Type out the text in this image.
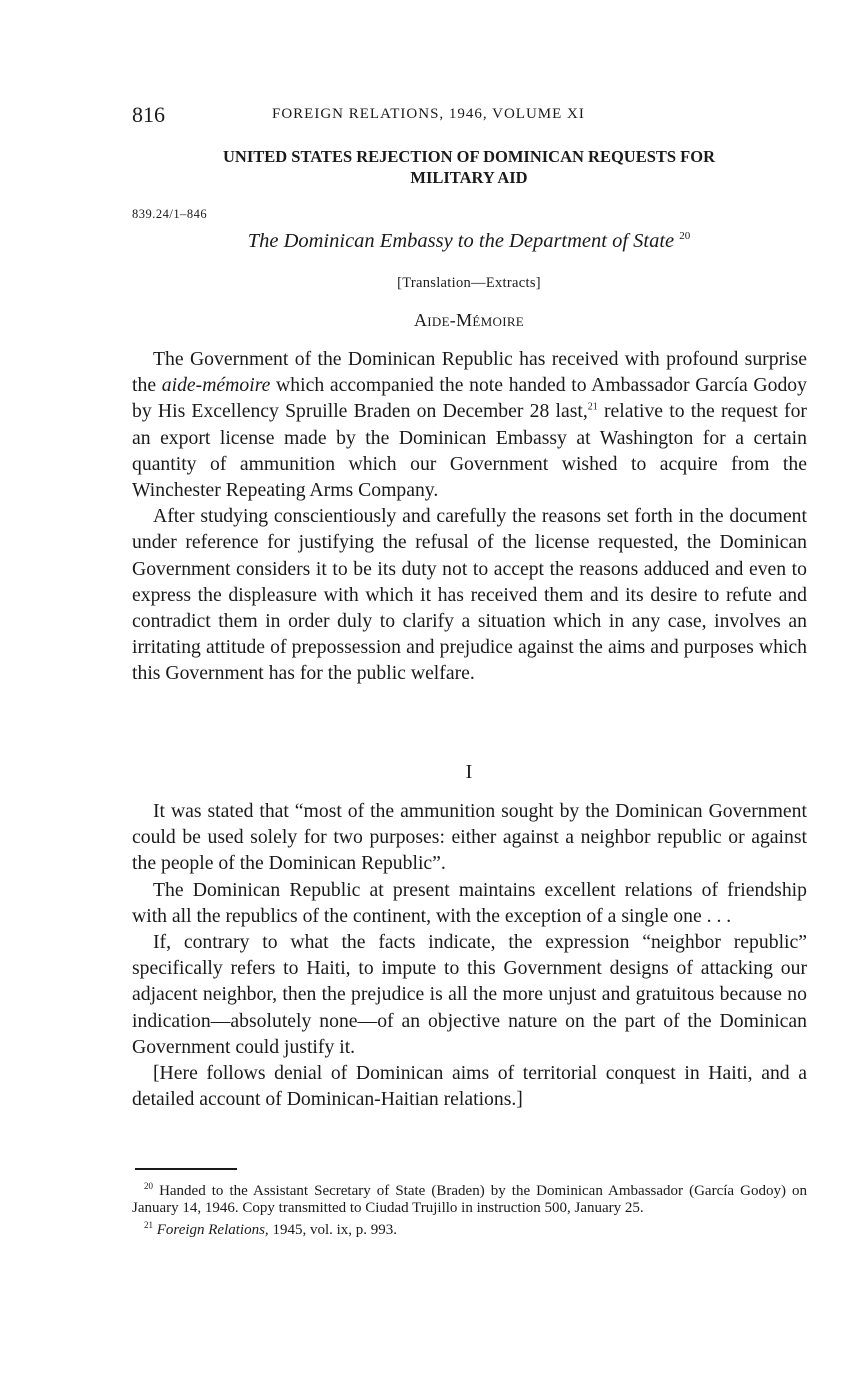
816	FOREIGN RELATIONS, 1946, VOLUME XI
UNITED STATES REJECTION OF DOMINICAN REQUESTS FOR
MILITARY AID
839.24/1–846
The Dominican Embassy to the Department of State $^{20}$
[Translation—Extracts]
Aide-Mémoire

The Government of the Dominican Republic has received with profound surprise the aide-mémoire which accompanied the note handed to Ambassador García Godoy by His Excellency Spruille Braden on December 28 last,$^{21}$ relative to the request for an export license made by the Dominican Embassy at Washington for a certain quantity of ammunition which our Government wished to acquire from the Winchester Repeating Arms Company.

After studying conscientiously and carefully the reasons set forth in the document under reference for justifying the refusal of the license requested, the Dominican Government considers it to be its duty not to accept the reasons adduced and even to express the displeasure with which it has received them and its desire to refute and contradict them in order duly to clarify a situation which in any case, involves an irritating attitude of prepossession and prejudice against the aims and purposes which this Government has for the public welfare.

I

It was stated that “most of the ammunition sought by the Dominican Government could be used solely for two purposes: either against a neighbor republic or against the people of the Dominican Republic”.

The Dominican Republic at present maintains excellent relations of friendship with all the republics of the continent, with the exception of a single one . . .

If, contrary to what the facts indicate, the expression “neighbor republic” specifically refers to Haiti, to impute to this Government designs of attacking our adjacent neighbor, then the prejudice is all the more unjust and gratuitous because no indication—absolutely none—of an objective nature on the part of the Dominican Government could justify it.

[Here follows denial of Dominican aims of territorial conquest in Haiti, and a detailed account of Dominican-Haitian relations.]

$^{20}$ Handed to the Assistant Secretary of State (Braden) by the Dominican Ambassador (García Godoy) on January 14, 1946. Copy transmitted to Ciudad Trujillo in instruction 500, January 25.

$^{21}$ Foreign Relations, 1945, vol. ix, p. 993.
